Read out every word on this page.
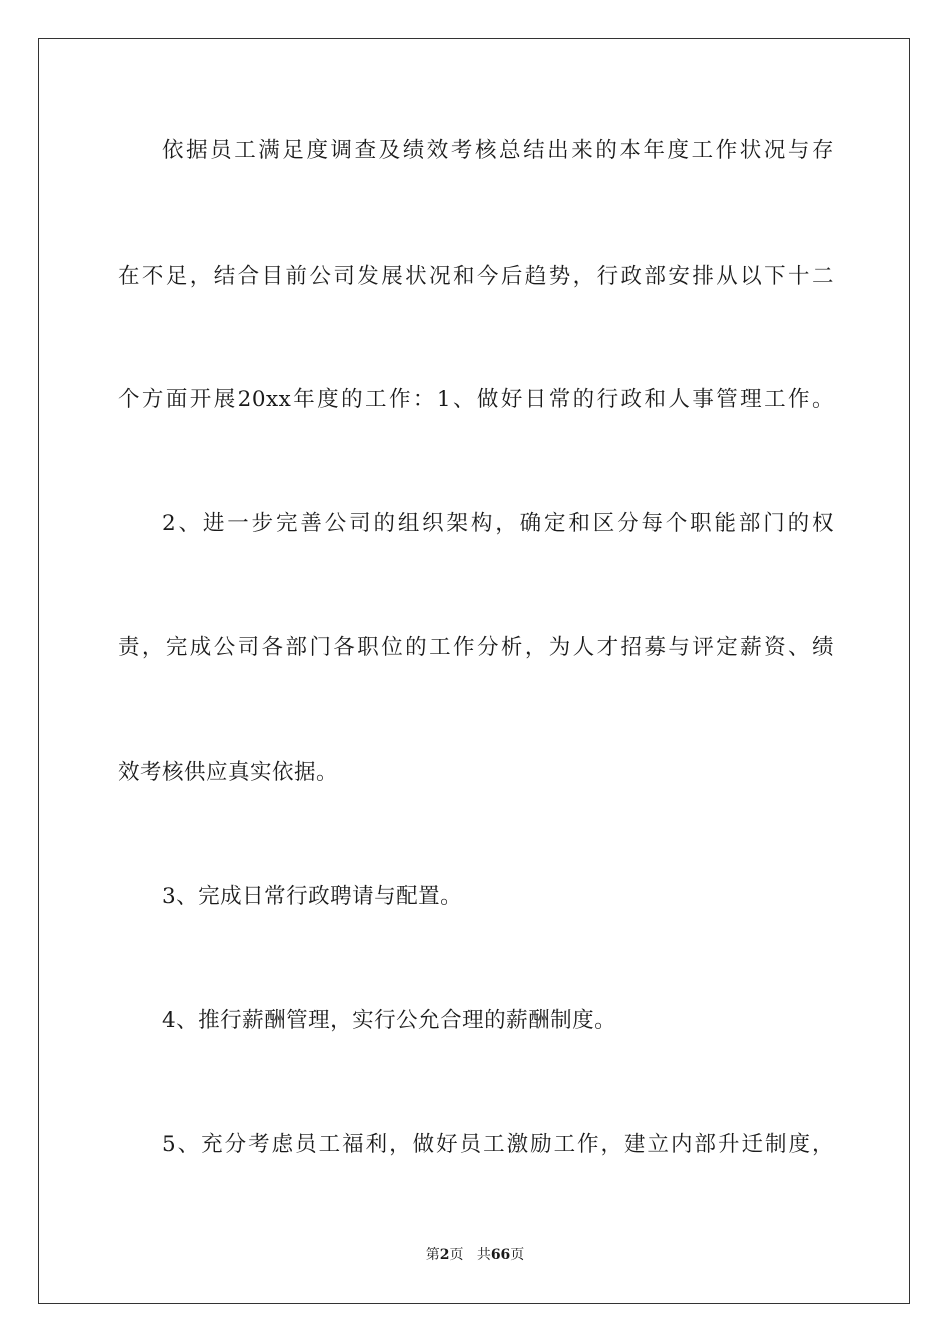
依据员工满足度调查及绩效考核总结出来的本年度工作状况与存
在不足，结合目前公司发展状况和今后趋势，行政部安排从以下十二
个方面开展20xx年度的工作：1、做好日常的行政和人事管理工作。
2、进一步完善公司的组织架构，确定和区分每个职能部门的权
责，完成公司各部门各职位的工作分析，为人才招募与评定薪资、绩
效考核供应真实依据。
3、完成日常行政聘请与配置。
4、推行薪酬管理，实行公允合理的薪酬制度。
5、充分考虑员工福利，做好员工激励工作，建立内部升迁制度，
第2页 共66页
